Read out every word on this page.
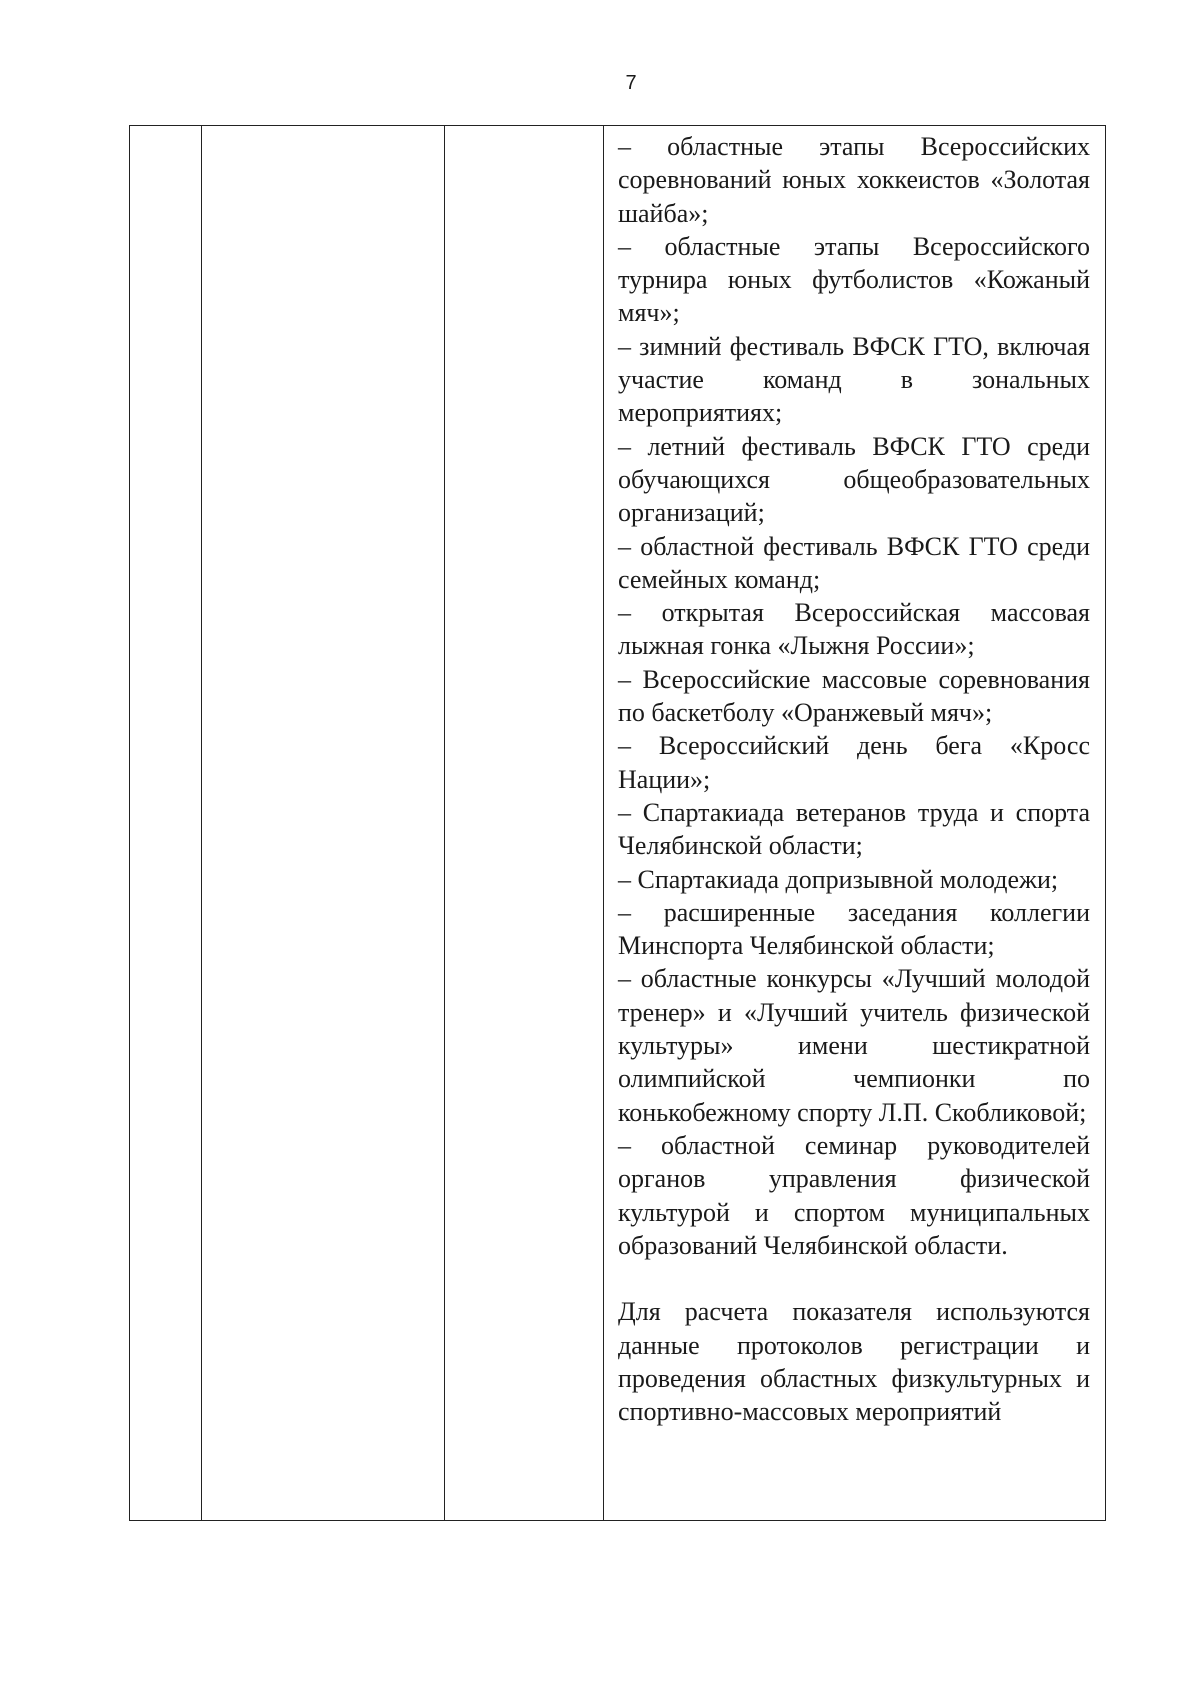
7

– областные этапы Всероссийских соревнований юных хоккеистов «Золотая шайба»;

– областные этапы Всероссийского турнира юных футболистов «Кожаный мяч»;

– зимний фестиваль ВФСК ГТО, включая участие команд в зональных мероприятиях;

– летний фестиваль ВФСК ГТО среди обучающихся общеобразовательных организаций;

– областной фестиваль ВФСК ГТО среди семейных команд;

– открытая Всероссийская массовая лыжная гонка «Лыжня России»;

– Всероссийские массовые соревнования по баскетболу «Оранжевый мяч»;

– Всероссийский день бега «Кросс Нации»;

– Спартакиада ветеранов труда и спорта Челябинской области;

– Спартакиада допризывной молодежи;

– расширенные заседания коллегии Минспорта Челябинской области;

– областные конкурсы «Лучший молодой тренер» и «Лучший учитель физической культуры» имени шестикратной олимпийской чемпионки по конькобежному спорту Л.П. Скобликовой;

– областной семинар руководителей органов управления физической культурой и спортом муниципальных образований Челябинской области.

Для расчета показателя используются данные протоколов регистрации и проведения областных физкультурных и спортивно-массовых мероприятий
